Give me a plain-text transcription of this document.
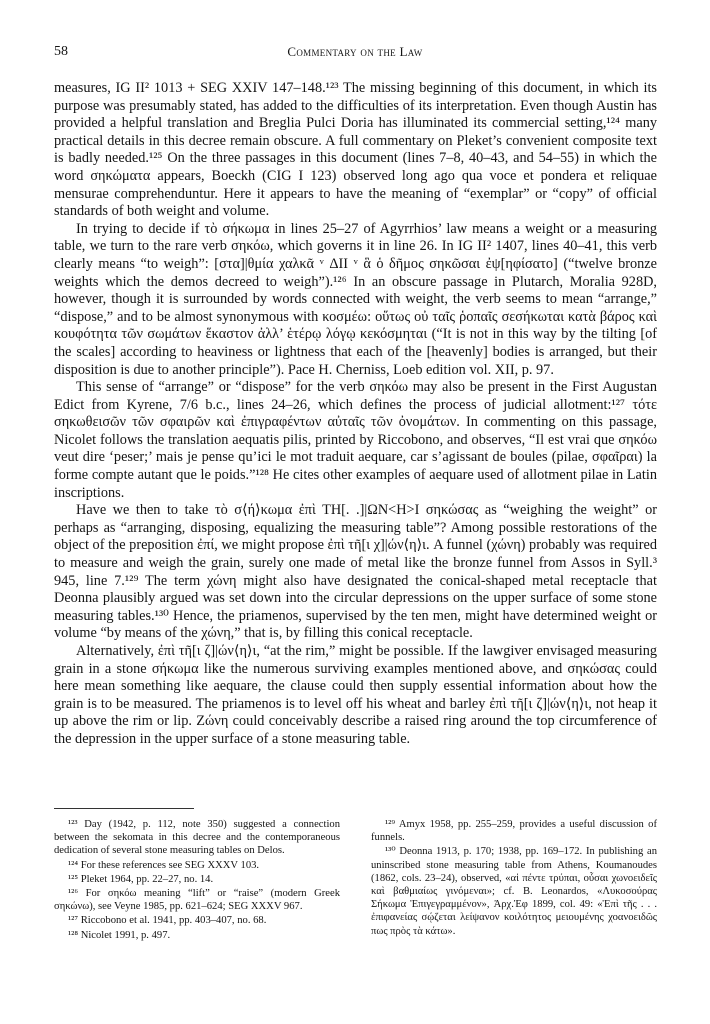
58	Commentary on the Law

measures, IG II² 1013 + SEG XXIV 147–148.¹²³ The missing beginning of this document, in which its purpose was presumably stated, has added to the difficulties of its interpretation. Even though Austin has provided a helpful translation and Breglia Pulci Doria has illuminated its commercial setting,¹²⁴ many practical details in this decree remain obscure. A full commentary on Pleket’s convenient composite text is badly needed.¹²⁵ On the three passages in this document (lines 7–8, 40–43, and 54–55) in which the word σηκώματα appears, Boeckh (CIG I 123) observed long ago qua voce et pondera et reliquae mensurae comprehenduntur. Here it appears to have the meaning of “exemplar” or “copy” of official standards of both weight and volume.

In trying to decide if τὸ σήκωμα in lines 25–27 of Agyrrhios’ law means a weight or a measuring table, we turn to the rare verb σηκόω, which governs it in line 26. In IG II² 1407, lines 40–41, this verb clearly means “to weigh”: [στα]|θμία χαλκᾶ ᵛ ΔΙΙ ᵛ ἃ ὁ δῆμος σηκῶσαι ἐψ[ηφίσατο] (“twelve bronze weights which the demos decreed to weigh”).¹²⁶ In an obscure passage in Plutarch, Moralia 928D, however, though it is surrounded by words connected with weight, the verb seems to mean “arrange,” “dispose,” and to be almost synonymous with κοσμέω: οὕτως οὐ ταῖς ῥοπαῖς σεσήκωται κατὰ βάρος καὶ κουφότητα τῶν σωμάτων ἕκαστον ἀλλ’ ἑτέρῳ λόγῳ κεκόσμηται (“It is not in this way by the tilting [of the scales] according to heaviness or lightness that each of the [heavenly] bodies is arranged, but their disposition is due to another principle”). Pace H. Cherniss, Loeb edition vol. XII, p. 97.

This sense of “arrange” or “dispose” for the verb σηκόω may also be present in the First Augustan Edict from Kyrene, 7/6 b.c., lines 24–26, which defines the process of judicial allotment:¹²⁷ τότε σηκωθεισῶν τῶν σφαιρῶν καὶ ἐπιγραφέντων αὐταῖς τῶν ὀνομάτων. In commenting on this passage, Nicolet follows the translation aequatis pilis, printed by Riccobono, and observes, “Il est vrai que σηκόω veut dire ‘peser;’ mais je pense qu’ici le mot traduit aequare, car s’agissant de boules (pilae, σφαῖραι) la forme compte autant que le poids.”¹²⁸ He cites other examples of aequare used of allotment pilae in Latin inscriptions.

Have we then to take τὸ σ⟨ή⟩κωμα ἐπὶ ΤΗ[. .]|ΩΝ<Η>Ι σηκώσας as “weighing the weight” or perhaps as “arranging, disposing, equalizing the measuring table”? Among possible restorations of the object of the preposition ἐπί, we might propose ἐπὶ τῆ[ι χ]|ών⟨η⟩ι. A funnel (χώνη) probably was required to measure and weigh the grain, surely one made of metal like the bronze funnel from Assos in Syll.³ 945, line 7.¹²⁹ The term χώνη might also have designated the conical-shaped metal receptacle that Deonna plausibly argued was set down into the circular depressions on the upper surface of some stone measuring tables.¹³⁰ Hence, the priamenos, supervised by the ten men, might have determined weight or volume “by means of the χώνη,” that is, by filling this conical receptacle.

Alternatively, ἐπὶ τῆ[ι ζ]|ών⟨η⟩ι, “at the rim,” might be possible. If the lawgiver envisaged measuring grain in a stone σήκωμα like the numerous surviving examples mentioned above, and σηκώσας could here mean something like aequare, the clause could then supply essential information about how the grain is to be measured. The priamenos is to level off his wheat and barley ἐπὶ τῆ[ι ζ]|ών⟨η⟩ι, not heap it up above the rim or lip. Ζώνη could conceivably describe a raised ring around the top circumference of the depression in the upper surface of a stone measuring table.

¹²³ Day (1942, p. 112, note 350) suggested a connection between the sekomata in this decree and the contemporaneous dedication of several stone measuring tables on Delos.

¹²⁴ For these references see SEG XXXV 103.

¹²⁵ Pleket 1964, pp. 22–27, no. 14.

¹²⁶ For σηκόω meaning “lift” or “raise” (modern Greek σηκώνω), see Veyne 1985, pp. 621–624; SEG XXXV 967.

¹²⁷ Riccobono et al. 1941, pp. 403–407, no. 68.

¹²⁸ Nicolet 1991, p. 497.

¹²⁹ Amyx 1958, pp. 255–259, provides a useful discussion of funnels.

¹³⁰ Deonna 1913, p. 170; 1938, pp. 169–172. In publishing an uninscribed stone measuring table from Athens, Koumanoudes (1862, cols. 23–24), observed, «αἱ πέντε τρύπαι, οὖσαι χωνοειδεῖς καὶ βαθμιαίως γινόμεναι»; cf. B. Leonardos, «Λυκοσούρας Σήκωμα Ἐπιγεγραμμένον», Ἀρχ.Ἐφ 1899, col. 49: «Ἐπὶ τῆς . . . ἐπιφανείας σῴζεται λείψανον κοιλότητος μειουμένης χοανοειδῶς πως πρὸς τὰ κάτω».
